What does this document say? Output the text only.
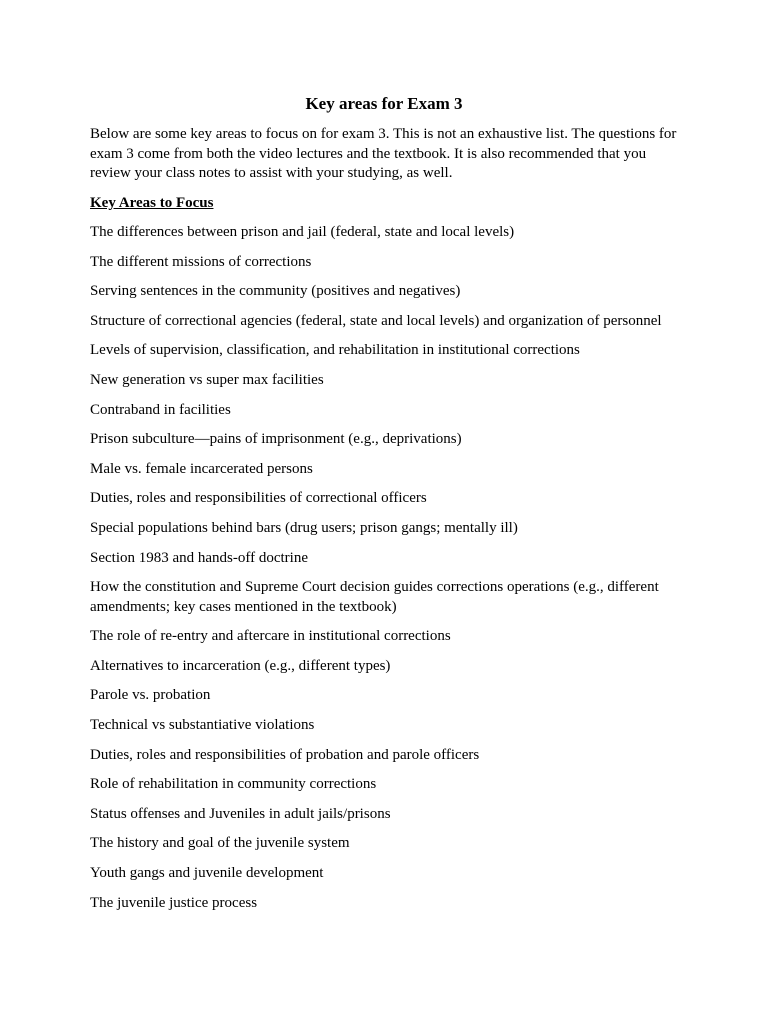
Key areas for Exam 3

Below are some key areas to focus on for exam 3. This is not an exhaustive list. The questions for exam 3 come from both the video lectures and the textbook. It is also recommended that you review your class notes to assist with your studying, as well.

Key Areas to Focus
The differences between prison and jail (federal, state and local levels)
The different missions of corrections
Serving sentences in the community (positives and negatives)
Structure of correctional agencies (federal, state and local levels) and organization of personnel
Levels of supervision, classification, and rehabilitation in institutional corrections
New generation vs super max facilities
Contraband in facilities
Prison subculture—pains of imprisonment (e.g., deprivations)
Male vs. female incarcerated persons
Duties, roles and responsibilities of correctional officers
Special populations behind bars (drug users; prison gangs; mentally ill)
Section 1983 and hands-off doctrine
How the constitution and Supreme Court decision guides corrections operations (e.g., different amendments; key cases mentioned in the textbook)
The role of re-entry and aftercare in institutional corrections
Alternatives to incarceration (e.g., different types)
Parole vs. probation
Technical vs substantiative violations
Duties, roles and responsibilities of probation and parole officers
Role of rehabilitation in community corrections
Status offenses and Juveniles in adult jails/prisons
The history and goal of the juvenile system
Youth gangs and juvenile development
The juvenile justice process
